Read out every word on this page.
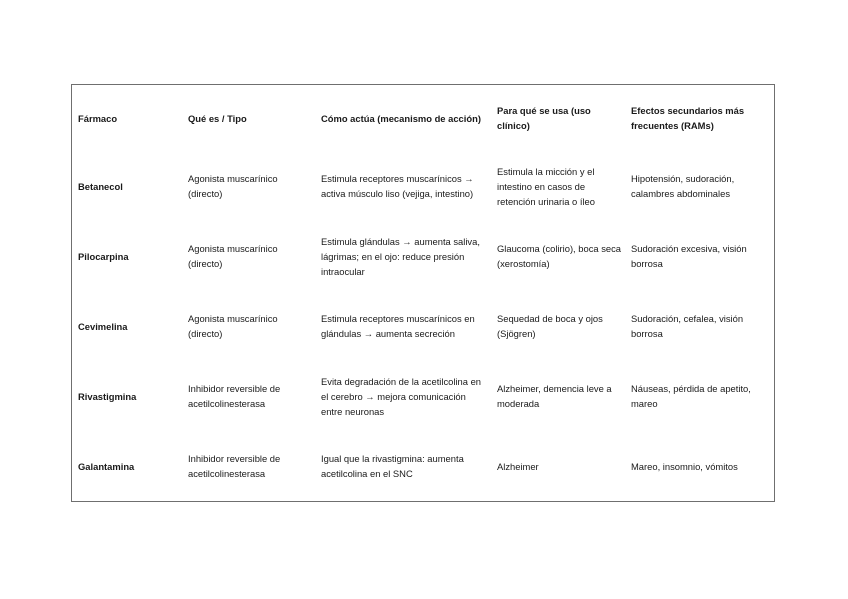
Fármaco	Qué es / Tipo	Cómo actúa (mecanismo de acción)	Para qué se usa (uso clínico)	Efectos secundarios más frecuentes (RAMs)
Betanecol	Agonista muscarínico (directo)	Estimula receptores muscarínicos → activa músculo liso (vejiga, intestino)	Estimula la micción y el intestino en casos de retención urinaria o íleo	Hipotensión, sudoración, calambres abdominales
Pilocarpina	Agonista muscarínico (directo)	Estimula glándulas → aumenta saliva, lágrimas; en el ojo: reduce presión intraocular	Glaucoma (colirio), boca seca (xerostomía)	Sudoración excesiva, visión borrosa
Cevimelina	Agonista muscarínico (directo)	Estimula receptores muscarínicos en glándulas → aumenta secreción	Sequedad de boca y ojos (Sjögren)	Sudoración, cefalea, visión borrosa
Rivastigmina	Inhibidor reversible de acetilcolinesterasa	Evita degradación de la acetilcolina en el cerebro → mejora comunicación entre neuronas	Alzheimer, demencia leve a moderada	Náuseas, pérdida de apetito, mareo
Galantamina	Inhibidor reversible de acetilcolinesterasa	Igual que la rivastigmina: aumenta acetilcolina en el SNC	Alzheimer	Mareo, insomnio, vómitos
